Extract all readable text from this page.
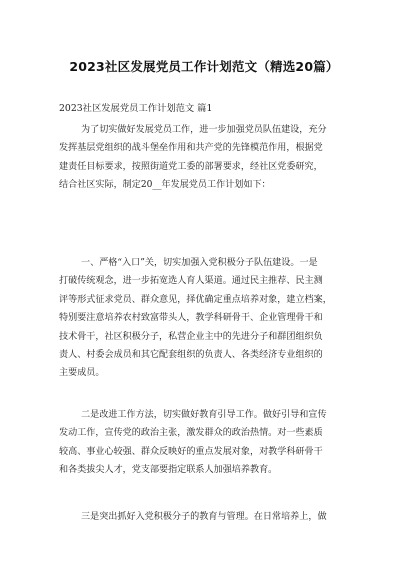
2023社区发展党员工作计划范文（精选20篇）
2023社区发展党员工作计划范文 篇1
为了切实做好发展党员工作，进一步加强党员队伍建设，充分
发挥基层党组织的战斗堡垒作用和共产党的先锋模范作用，根据党
建责任目标要求，按照街道党工委的部署要求，经社区党委研究，
结合社区实际，制定20__年发展党员工作计划如下：
一、严格“入口”关，切实加强入党积极分子队伍建设。一是
打破传统观念，进一步拓宽选人育人渠道。通过民主推荐、民主测
评等形式征求党员、群众意见，择优确定重点培养对象，建立档案，
特别要注意培养农村致富带头人，教学科研骨干、企业管理骨干和
技术骨干，社区积极分子，私营企业主中的先进分子和群团组织负
责人、村委会成员和其它配套组织的负责人、各类经济专业组织的
主要成员。
二是改进工作方法，切实做好教育引导工作。做好引导和宣传
发动工作，宣传党的政治主张，激发群众的政治热情。对一些素质
较高、事业心较强、群众反映好的重点发展对象，对教学科研骨干
和各类拔尖人才，党支部要指定联系人加强培养教育。
三是突出抓好入党积极分子的教育与管理。在日常培养上，做
